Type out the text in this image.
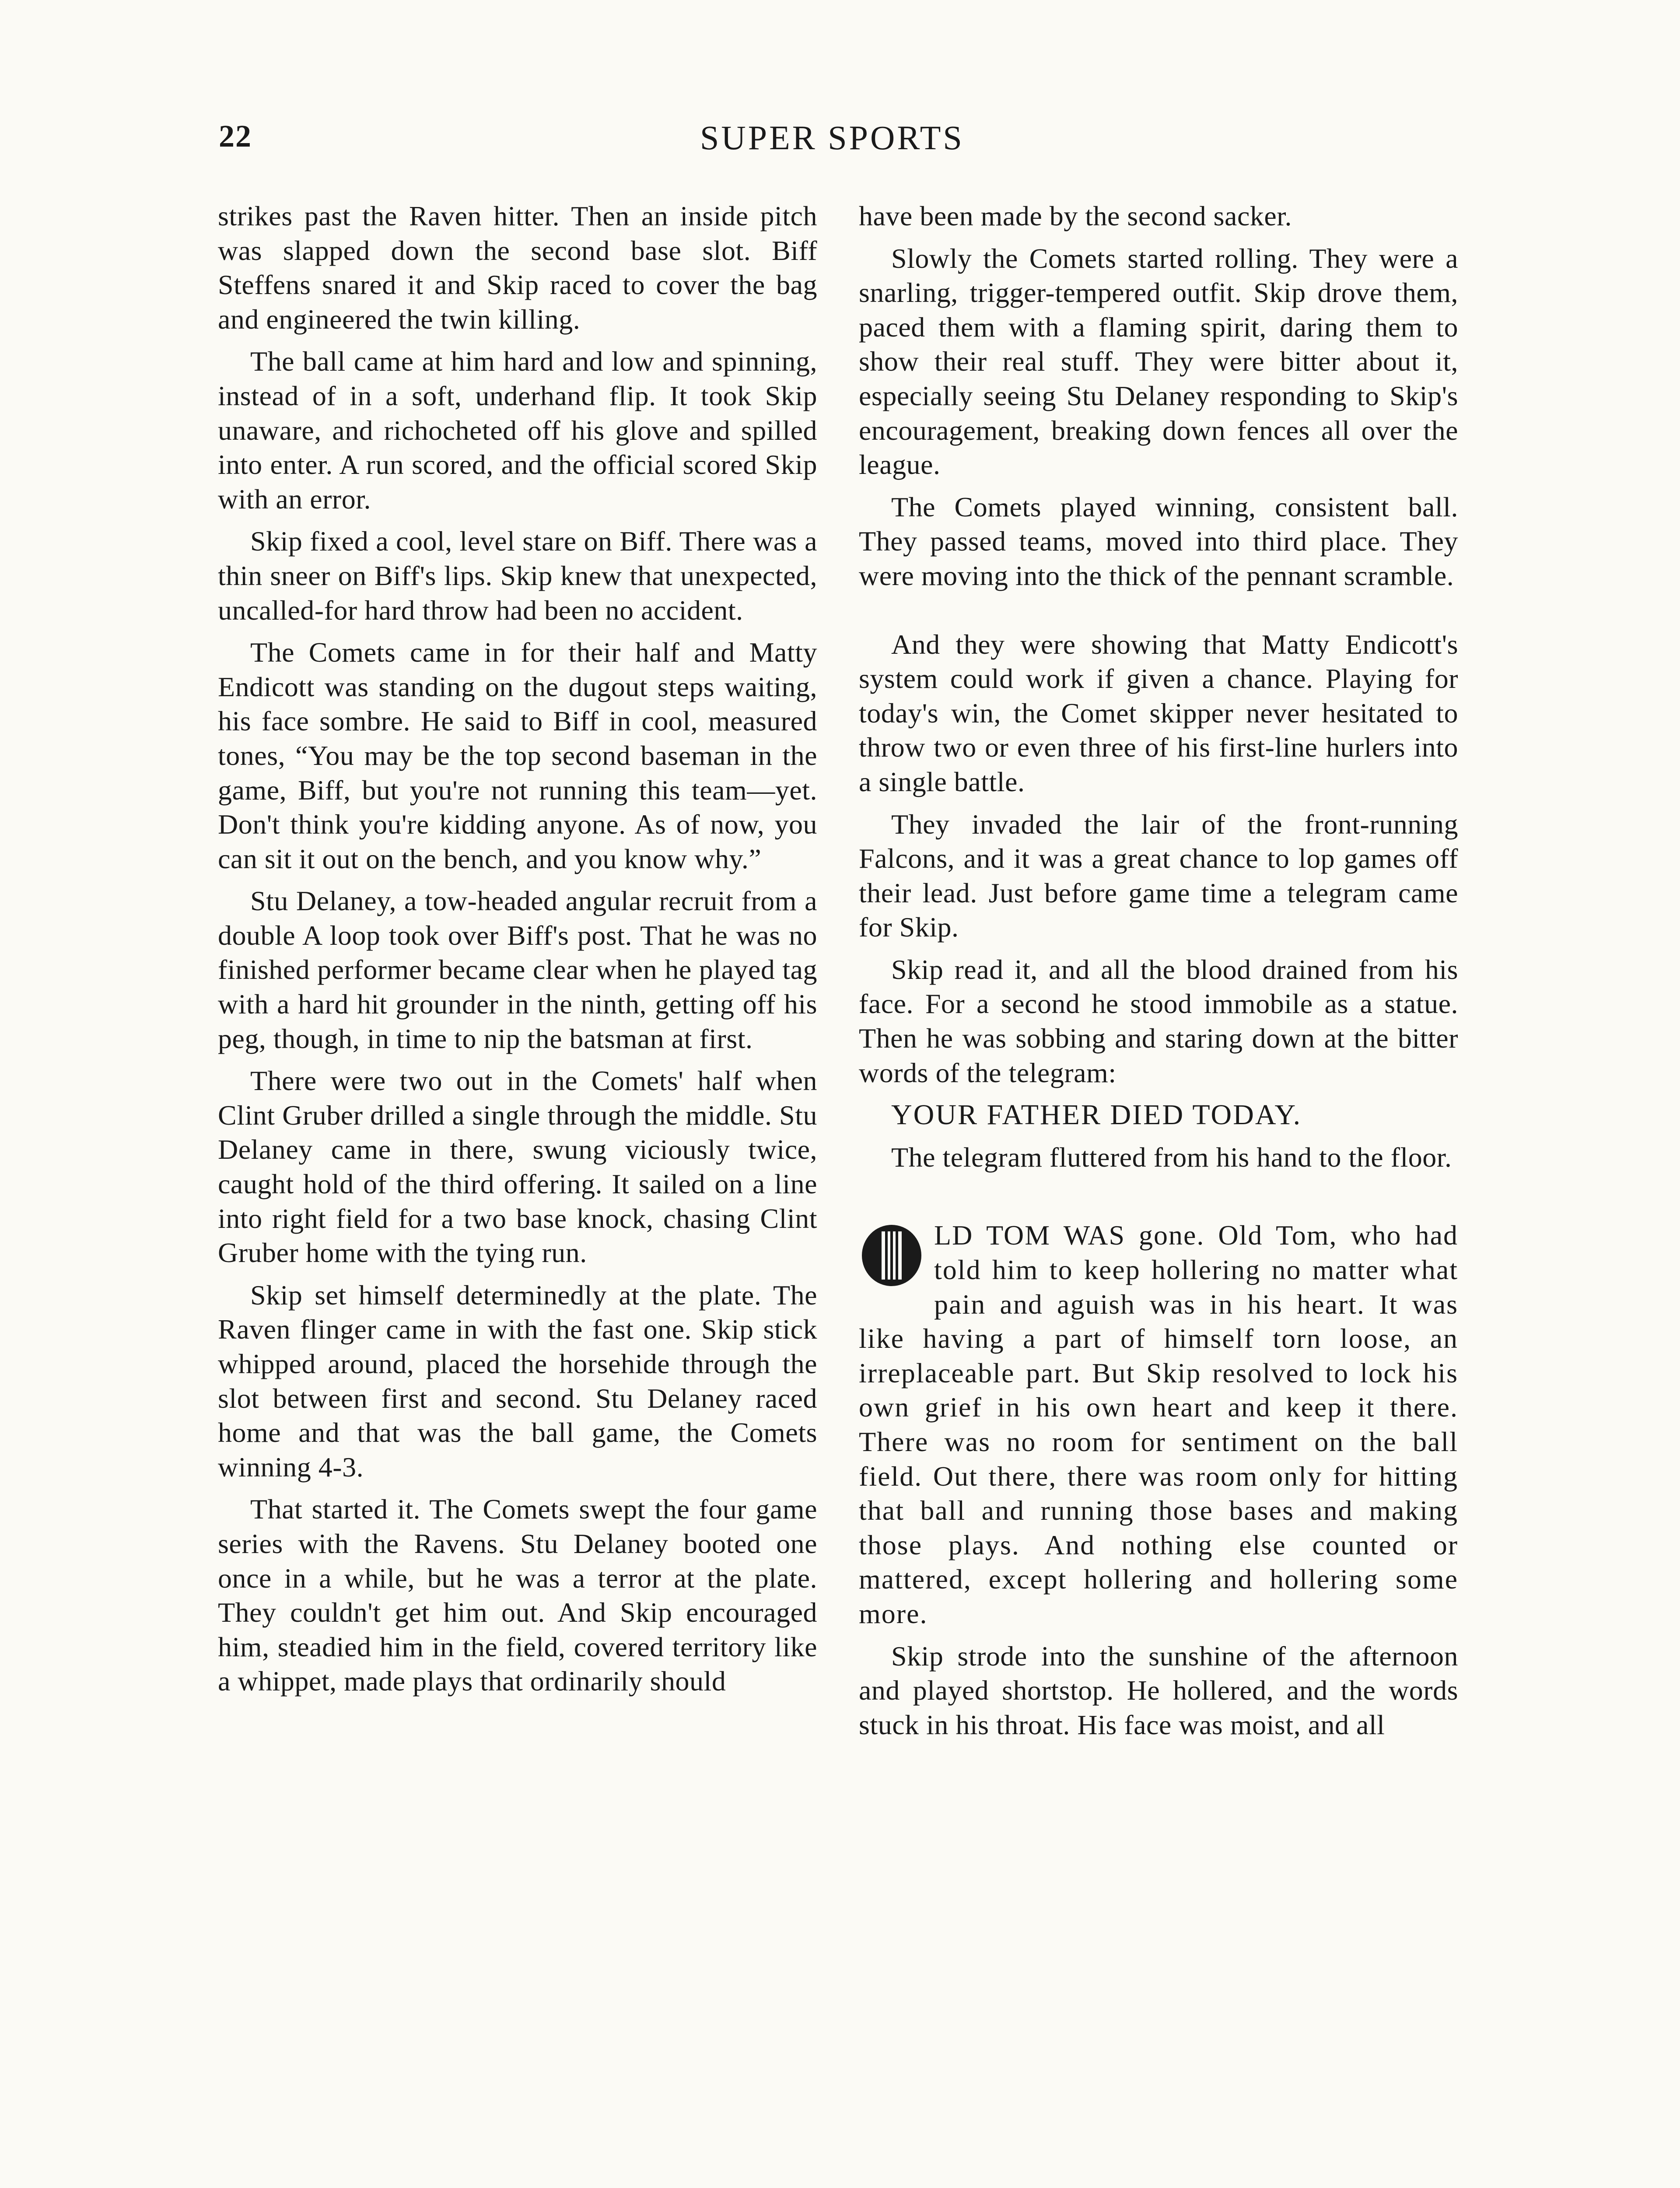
22	SUPER SPORTS

strikes past the Raven hitter. Then an inside pitch was slapped down the second base slot. Biff Steffens snared it and Skip raced to cover the bag and engineered the twin killing.

The ball came at him hard and low and spinning, instead of in a soft, underhand flip. It took Skip unaware, and richocheted off his glove and spilled into enter. A run scored, and the official scored Skip with an error.

Skip fixed a cool, level stare on Biff. There was a thin sneer on Biff's lips. Skip knew that unexpected, uncalled-for hard throw had been no accident.

The Comets came in for their half and Matty Endicott was standing on the dugout steps waiting, his face sombre. He said to Biff in cool, measured tones, “You may be the top second baseman in the game, Biff, but you're not running this team—yet. Don't think you're kidding anyone. As of now, you can sit it out on the bench, and you know why.”

Stu Delaney, a tow-headed angular recruit from a double A loop took over Biff's post. That he was no finished performer became clear when he played tag with a hard hit grounder in the ninth, getting off his peg, though, in time to nip the batsman at first.

There were two out in the Comets' half when Clint Gruber drilled a single through the middle. Stu Delaney came in there, swung viciously twice, caught hold of the third offering. It sailed on a line into right field for a two base knock, chasing Clint Gruber home with the tying run.

Skip set himself determinedly at the plate. The Raven flinger came in with the fast one. Skip stick whipped around, placed the horsehide through the slot between first and second. Stu Delaney raced home and that was the ball game, the Comets winning 4-3.

That started it. The Comets swept the four game series with the Ravens. Stu Delaney booted one once in a while, but he was a terror at the plate. They couldn't get him out. And Skip encouraged him, steadied him in the field, covered territory like a whippet, made plays that ordinarily should

have been made by the second sacker.

Slowly the Comets started rolling. They were a snarling, trigger-tempered outfit. Skip drove them, paced them with a flaming spirit, daring them to show their real stuff. They were bitter about it, especially seeing Stu Delaney responding to Skip's encouragement, breaking down fences all over the league.

The Comets played winning, consistent ball. They passed teams, moved into third place. They were moving into the thick of the pennant scramble.

And they were showing that Matty Endicott's system could work if given a chance. Playing for today's win, the Comet skipper never hesitated to throw two or even three of his first-line hurlers into a single battle.

They invaded the lair of the front-running Falcons, and it was a great chance to lop games off their lead. Just before game time a telegram came for Skip.

Skip read it, and all the blood drained from his face. For a second he stood immobile as a statue. Then he was sobbing and staring down at the bitter words of the telegram:

YOUR FATHER DIED TODAY.

The telegram fluttered from his hand to the floor.

LD TOM WAS gone. Old Tom, who had told him to keep hollering no matter what pain and aguish was in his heart. It was like having a part of himself torn loose, an irreplaceable part. But Skip resolved to lock his own grief in his own heart and keep it there. There was no room for sentiment on the ball field. Out there, there was room only for hitting that ball and running those bases and making those plays. And nothing else counted or mattered, except hollering and hollering some more.

Skip strode into the sunshine of the afternoon and played shortstop. He hollered, and the words stuck in his throat. His face was moist, and all
